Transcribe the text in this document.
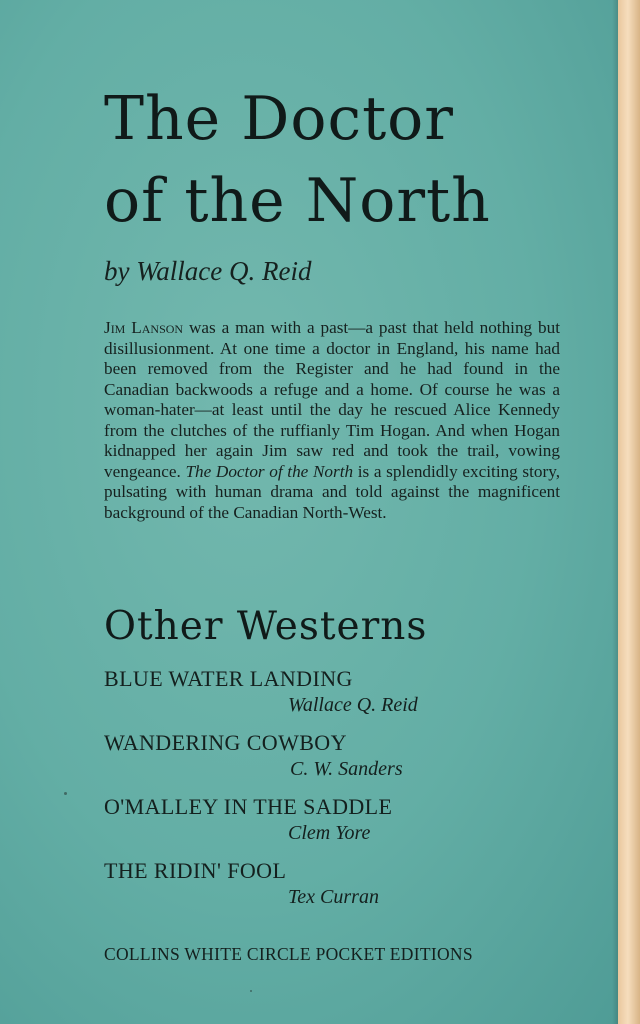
The Doctor
of the North
by Wallace Q. Reid

Jim Lanson was a man with a past—a past that held nothing but disillusionment. At one time a doctor in England, his name had been removed from the Register and he had found in the Canadian backwoods a refuge and a home. Of course he was a woman-hater—at least until the day he rescued Alice Kennedy from the clutches of the ruffianly Tim Hogan. And when Hogan kidnapped her again Jim saw red and took the trail, vowing vengeance. The Doctor of the North is a splendidly exciting story, pulsating with human drama and told against the magnificent background of the Canadian North-West.

Other Westerns
BLUE WATER LANDING
Wallace Q. Reid
WANDERING COWBOY
C. W. Sanders
O'MALLEY IN THE SADDLE
Clem Yore
THE RIDIN' FOOL
Tex Curran
COLLINS WHITE CIRCLE POCKET EDITIONS
